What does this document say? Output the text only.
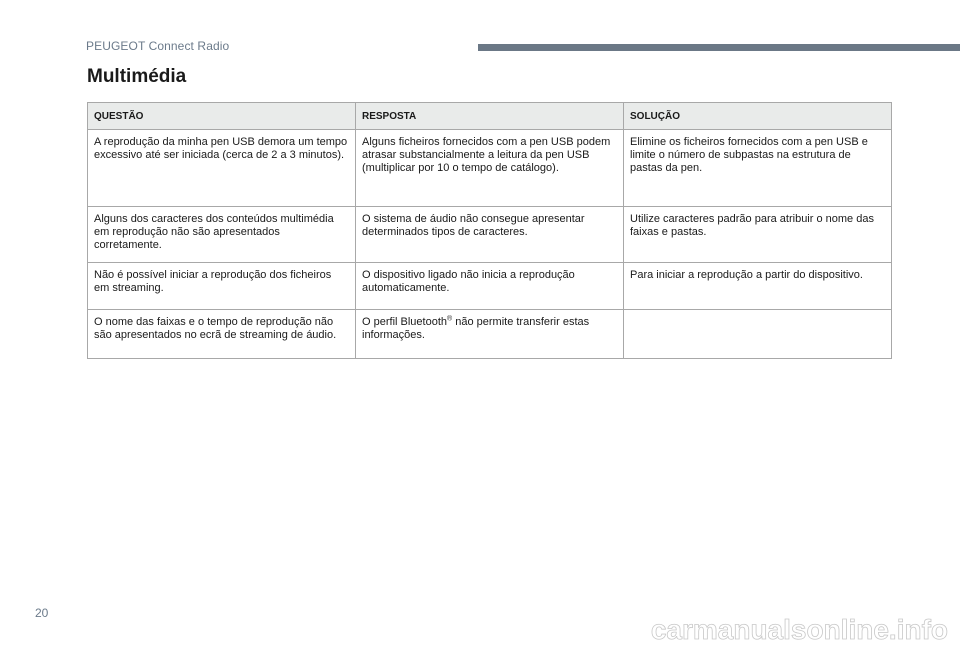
PEUGEOT Connect Radio
Multimédia
QUESTÃO	RESPOSTA	SOLUÇÃO
A reprodução da minha pen USB demora um tempo excessivo até ser iniciada (cerca de 2 a 3 minutos).	Alguns ficheiros fornecidos com a pen USB podem atrasar substancialmente a leitura da pen USB (multiplicar por 10 o tempo de catálogo).	Elimine os ficheiros fornecidos com a pen USB e limite o número de subpastas na estrutura de pastas da pen.
Alguns dos caracteres dos conteúdos multimédia em reprodução não são apresentados corretamente.	O sistema de áudio não consegue apresentar determinados tipos de caracteres.	Utilize caracteres padrão para atribuir o nome das faixas e pastas.
Não é possível iniciar a reprodução dos ficheiros em streaming.	O dispositivo ligado não inicia a reprodução automaticamente.	Para iniciar a reprodução a partir do dispositivo.
O nome das faixas e o tempo de reprodução não são apresentados no ecrã de streaming de áudio.	O perfil Bluetooth® não permite transferir estas informações.	
20
carmanualsonline.info
